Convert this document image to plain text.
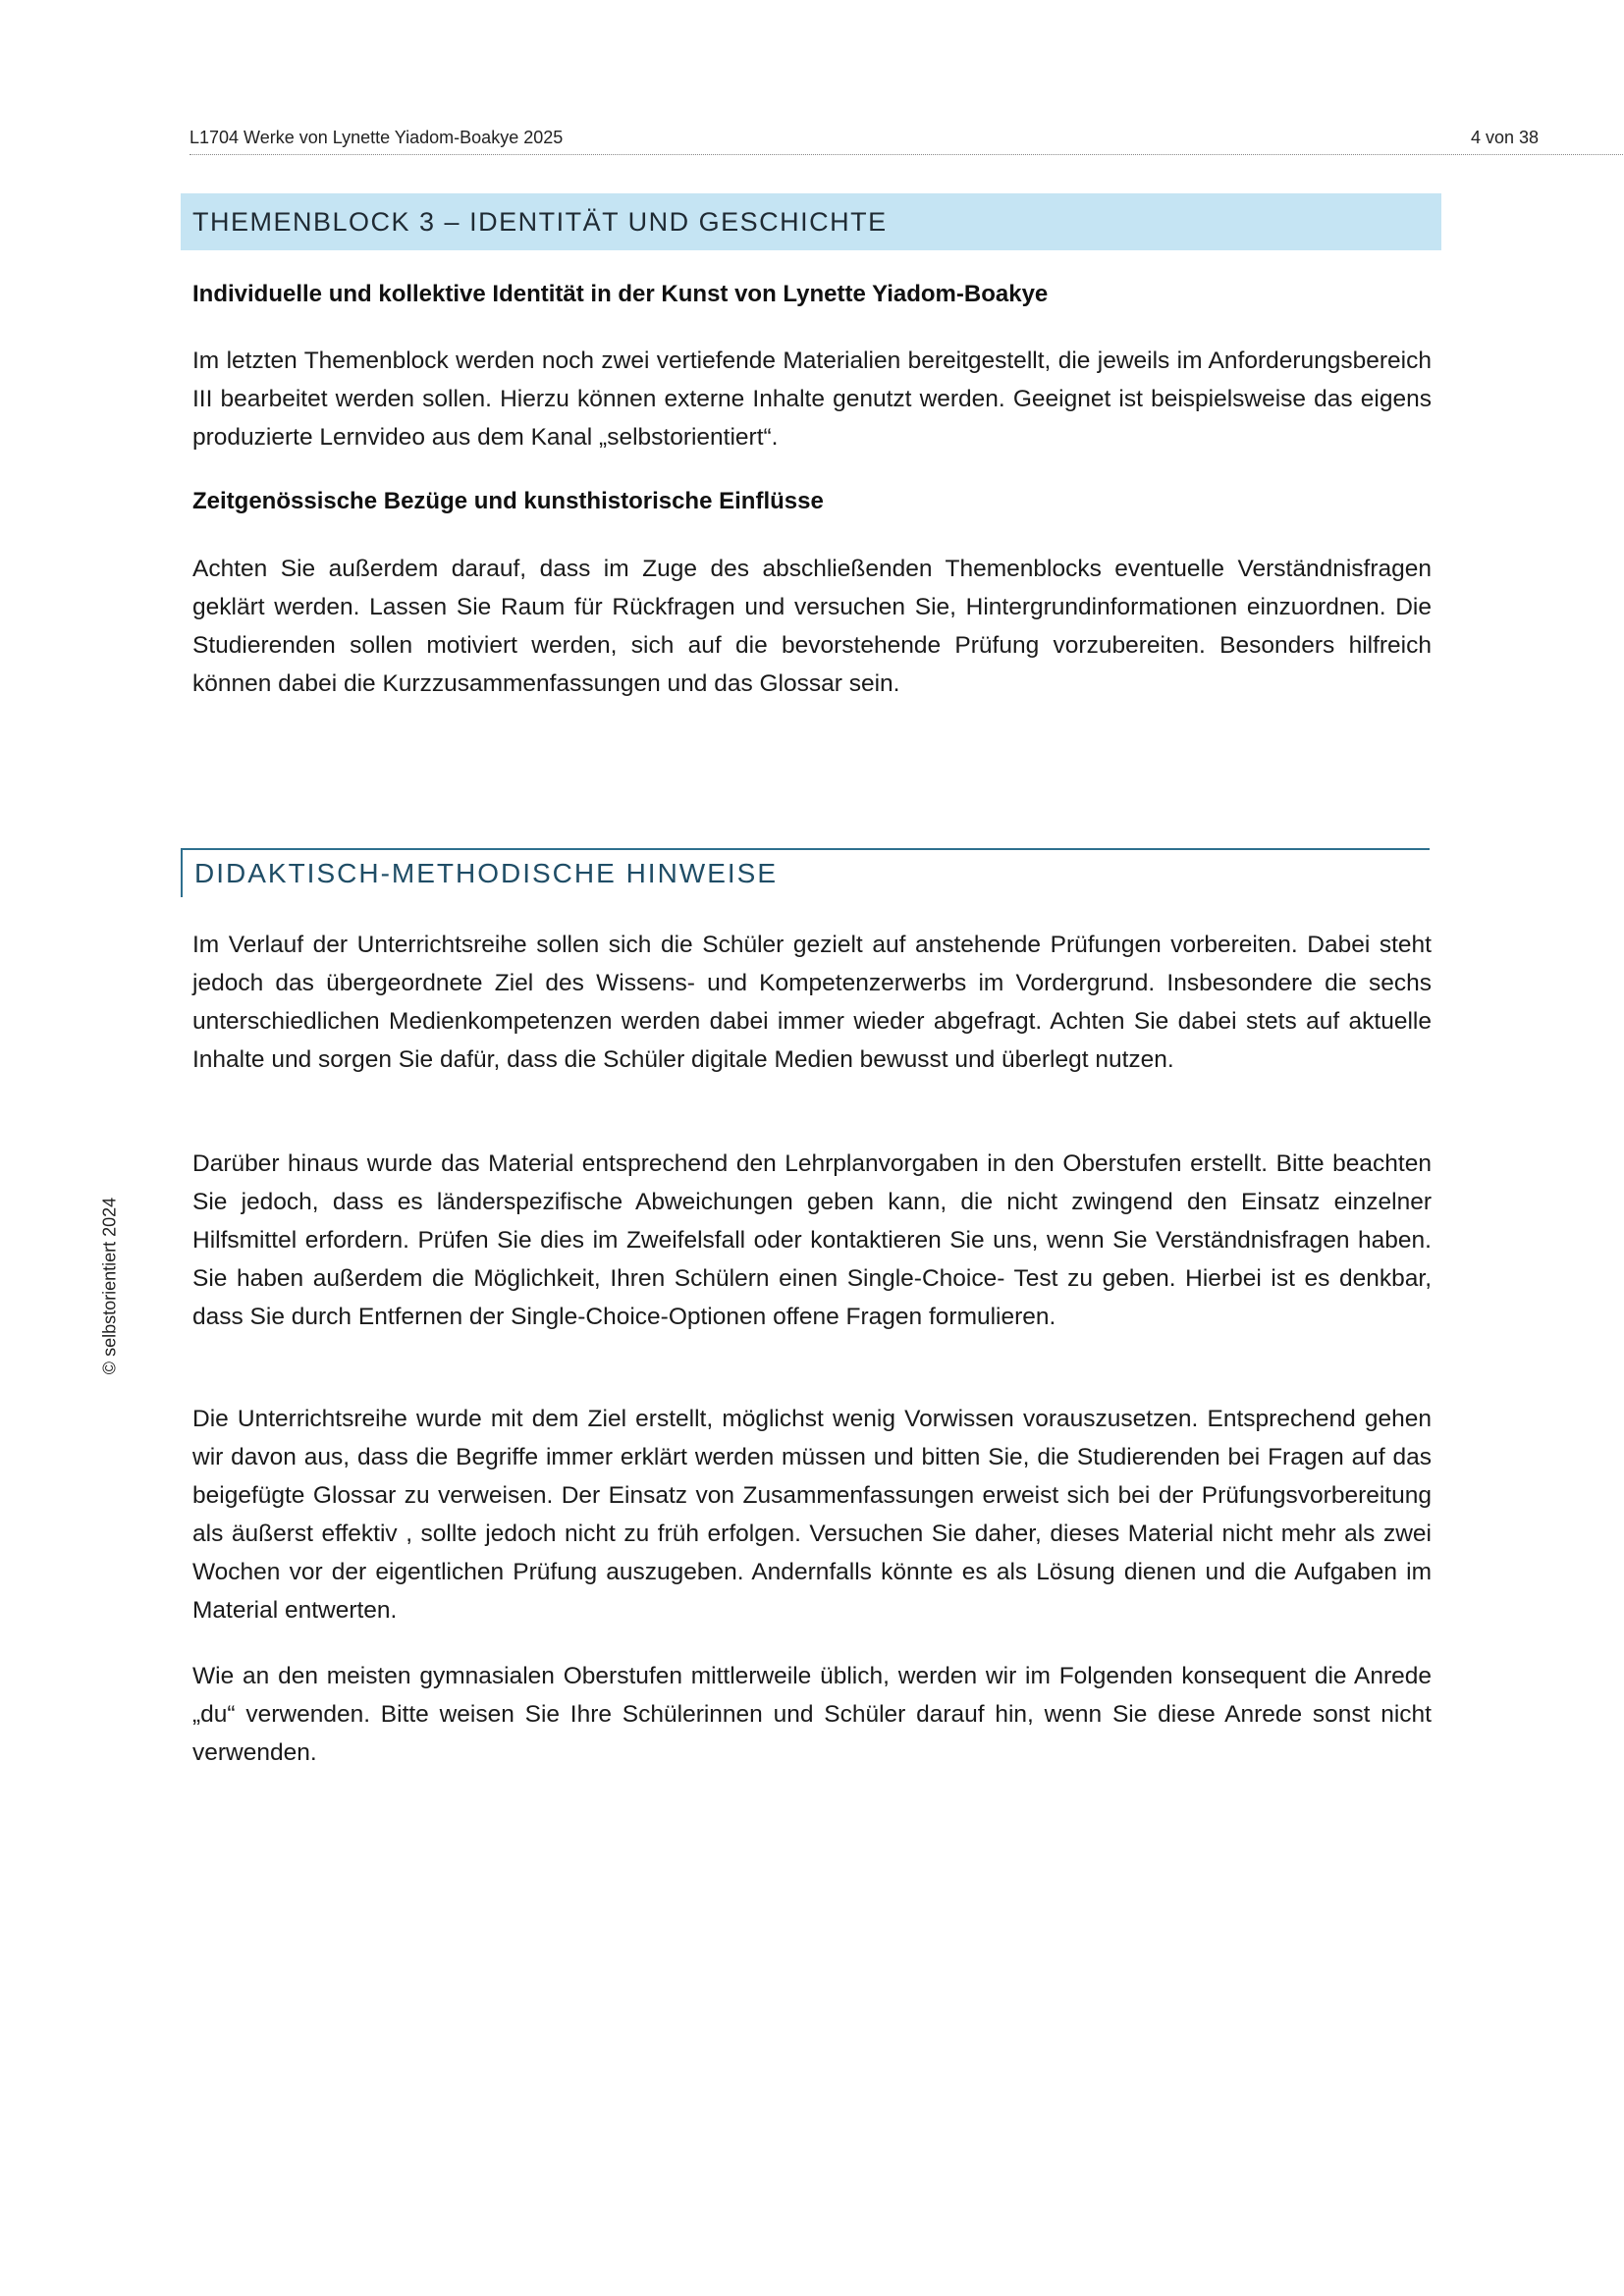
L1704 Werke von Lynette Yiadom-Boakye 2025	4 von 38
© selbstorientiert 2024
THEMENBLOCK 3 – IDENTITÄT UND GESCHICHTE
Individuelle und kollektive Identität in der Kunst von Lynette Yiadom-Boakye
Im letzten Themenblock werden noch zwei vertiefende Materialien bereitgestellt, die jeweils im Anforderungsbereich III bearbeitet werden sollen. Hierzu können externe Inhalte genutzt werden. Geeignet ist beispielsweise das eigens produzierte Lernvideo aus dem Kanal „selbstorientiert“.
Zeitgenössische Bezüge und kunsthistorische Einflüsse
Achten Sie außerdem darauf, dass im Zuge des abschließenden Themenblocks eventuelle Verständnisfragen geklärt werden. Lassen Sie Raum für Rückfragen und versuchen Sie, Hintergrundinformationen einzuordnen. Die Studierenden sollen motiviert werden, sich auf die bevorstehende Prüfung vorzubereiten. Besonders hilfreich können dabei die Kurzzusammenfassungen und das Glossar sein.
DIDAKTISCH-METHODISCHE HINWEISE
Im Verlauf der Unterrichtsreihe sollen sich die Schüler gezielt auf anstehende Prüfungen vorbereiten. Dabei steht jedoch das übergeordnete Ziel des Wissens- und Kompetenzerwerbs im Vordergrund. Insbesondere die sechs unterschiedlichen Medienkompetenzen werden dabei immer wieder abgefragt. Achten Sie dabei stets auf aktuelle Inhalte und sorgen Sie dafür, dass die Schüler digitale Medien bewusst und überlegt nutzen.
Darüber hinaus wurde das Material entsprechend den Lehrplanvorgaben in den Oberstufen erstellt. Bitte beachten Sie jedoch, dass es länderspezifische Abweichungen geben kann, die nicht zwingend den Einsatz einzelner Hilfsmittel erfordern. Prüfen Sie dies im Zweifelsfall oder kontaktieren Sie uns, wenn Sie Verständnisfragen haben. Sie haben außerdem die Möglichkeit, Ihren Schülern einen Single-Choice- Test zu geben. Hierbei ist es denkbar, dass Sie durch Entfernen der Single-Choice-Optionen offene Fragen formulieren.
Die Unterrichtsreihe wurde mit dem Ziel erstellt, möglichst wenig Vorwissen vorauszusetzen. Entsprechend gehen wir davon aus, dass die Begriffe immer erklärt werden müssen und bitten Sie, die Studierenden bei Fragen auf das beigefügte Glossar zu verweisen. Der Einsatz von Zusammenfassungen erweist sich bei der Prüfungsvorbereitung als äußerst effektiv , sollte jedoch nicht zu früh erfolgen. Versuchen Sie daher, dieses Material nicht mehr als zwei Wochen vor der eigentlichen Prüfung auszugeben. Andernfalls könnte es als Lösung dienen und die Aufgaben im Material entwerten.
Wie an den meisten gymnasialen Oberstufen mittlerweile üblich, werden wir im Folgenden konsequent die Anrede „du“ verwenden. Bitte weisen Sie Ihre Schülerinnen und Schüler darauf hin, wenn Sie diese Anrede sonst nicht verwenden.
